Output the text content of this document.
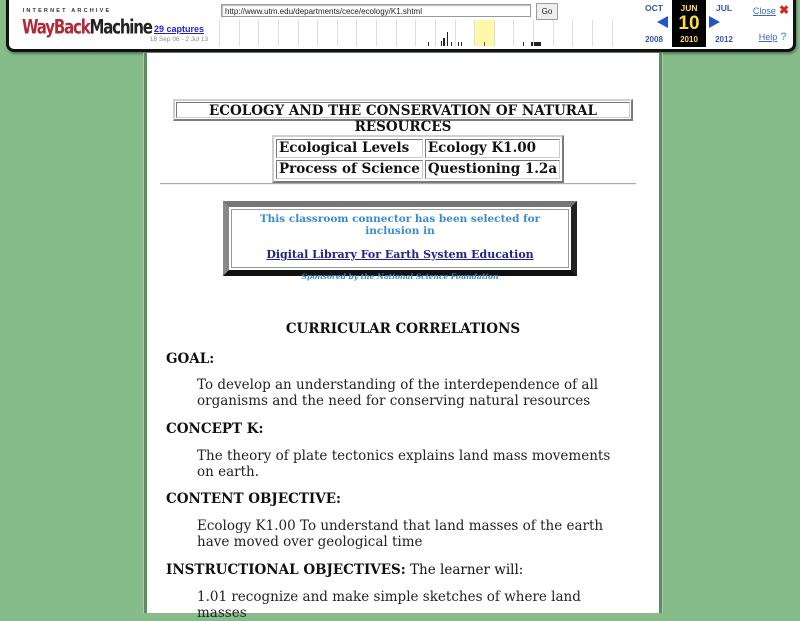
INTERNET ARCHIVE
WayBack Machine 29 captures
18 Sep 06 - 2 Jul 13
http://www.utm.edu/departments/cece/ecology/K1.shtml	Go	OCT
2008
JUN
10
2010
JUL
2012
Close ✖
Help ?
ECOLOGY AND THE CONSERVATION OF NATURAL RESOURCES
Ecological Levels	Ecology K1.00
Process of Science	Questioning 1.2a
This classroom connector has been selected for inclusion in
Digital Library For Earth System Education
Sponsored by the National Science Foundation
CURRICULAR CORRELATIONS
GOAL:
To develop an understanding of the interdependence of all organisms and the need for conserving natural resources
CONCEPT K:
The theory of plate tectonics explains land mass movements on earth.
CONTENT OBJECTIVE:
Ecology K1.00 To understand that land masses of the earth have moved over geological time
INSTRUCTIONAL OBJECTIVES: The learner will:
1.01 recognize and make simple sketches of where land masses
